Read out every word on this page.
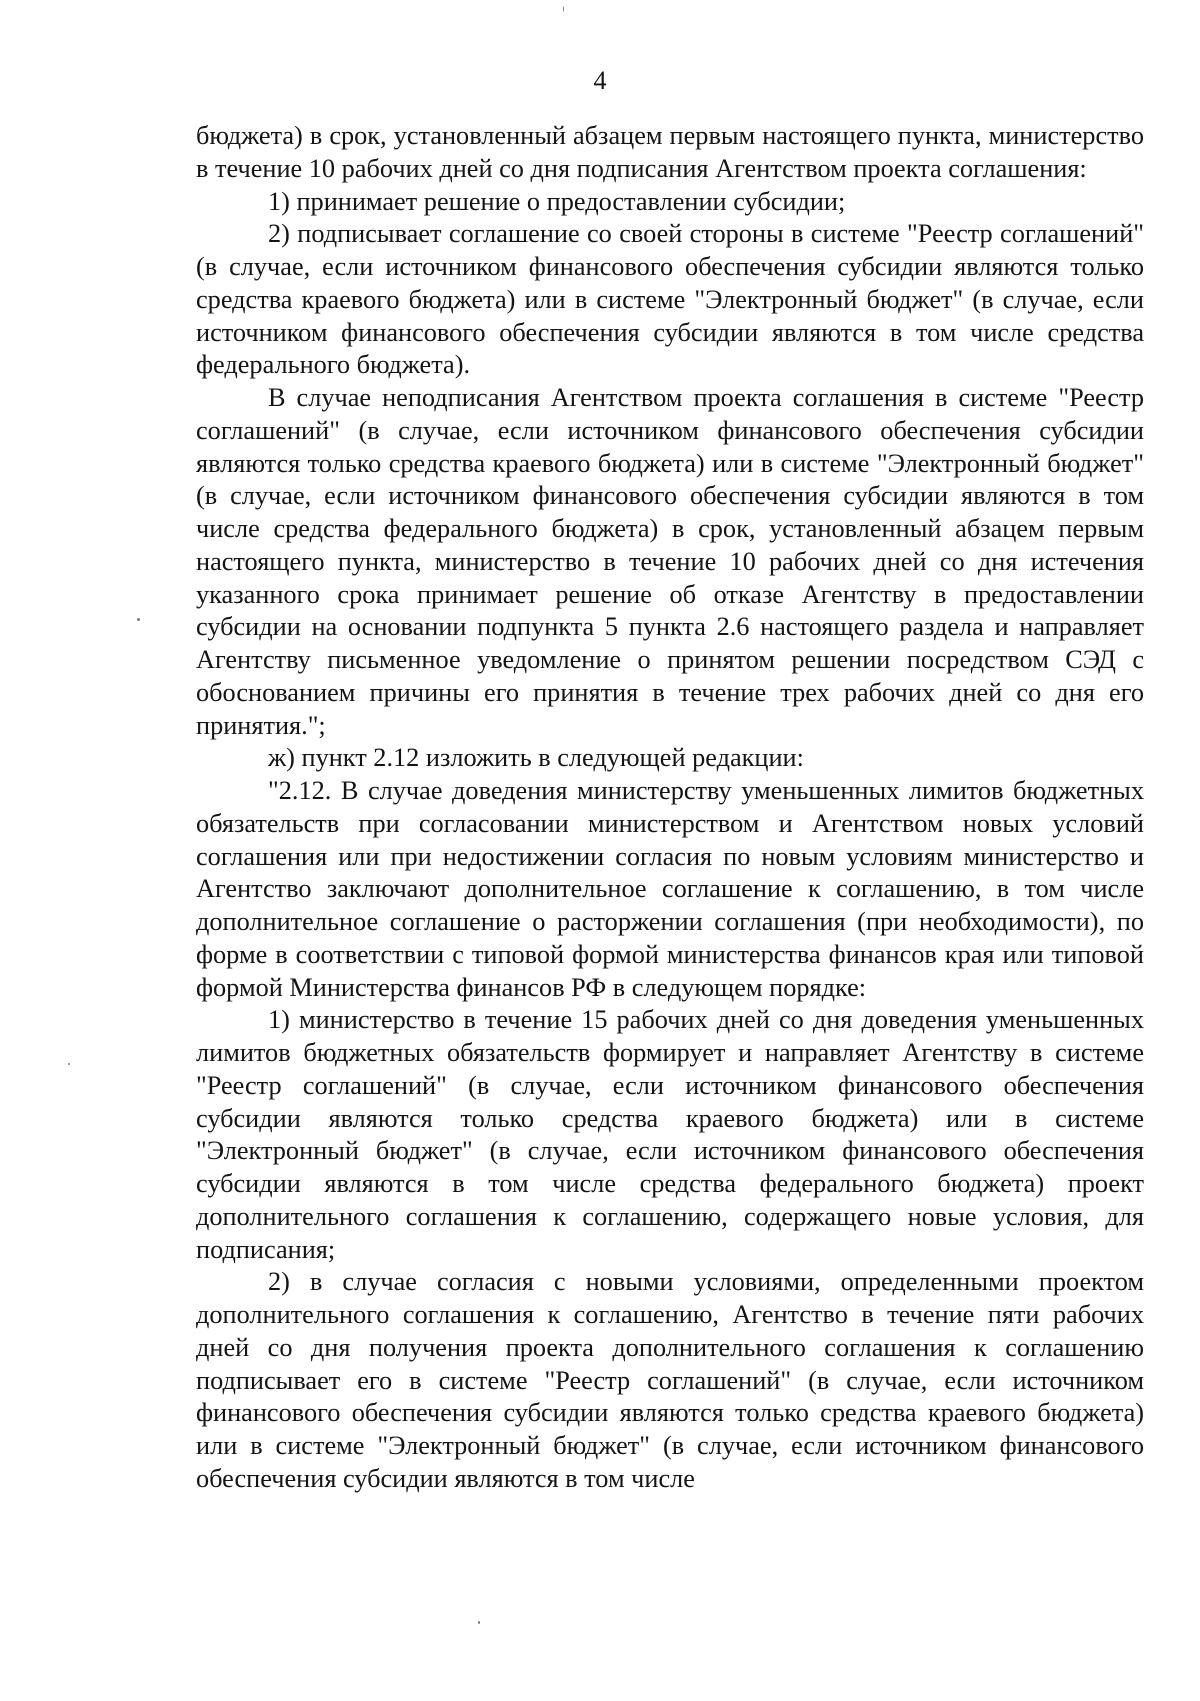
4

бюджета) в срок, установленный абзацем первым настоящего пункта, министерство в течение 10 рабочих дней со дня подписания Агентством проекта соглашения:

1) принимает решение о предоставлении субсидии;

2) подписывает соглашение со своей стороны в системе "Реестр соглашений" (в случае, если источником финансового обеспечения субсидии являются только средства краевого бюджета) или в системе "Электронный бюджет" (в случае, если источником финансового обеспечения субсидии являются в том числе средства федерального бюджета).

В случае неподписания Агентством проекта соглашения в системе "Реестр соглашений" (в случае, если источником финансового обеспечения субсидии являются только средства краевого бюджета) или в системе "Электронный бюджет" (в случае, если источником финансового обеспечения субсидии являются в том числе средства федерального бюджета) в срок, установленный абзацем первым настоящего пункта, министерство в течение 10 рабочих дней со дня истечения указанного срока принимает решение об отказе Агентству в предоставлении субсидии на основании подпункта 5 пункта 2.6 настоящего раздела и направляет Агентству письменное уведомление о принятом решении посредством СЭД с обоснованием причины его принятия в течение трех рабочих дней со дня его принятия.";

ж) пункт 2.12 изложить в следующей редакции:

"2.12. В случае доведения министерству уменьшенных лимитов бюджетных обязательств при согласовании министерством и Агентством новых условий соглашения или при недостижении согласия по новым условиям министерство и Агентство заключают дополнительное соглашение к соглашению, в том числе дополнительное соглашение о расторжении соглашения (при необходимости), по форме в соответствии с типовой формой министерства финансов края или типовой формой Министерства финансов РФ в следующем порядке:

1) министерство в течение 15 рабочих дней со дня доведения уменьшенных лимитов бюджетных обязательств формирует и направляет Агентству в системе "Реестр соглашений" (в случае, если источником финансового обеспечения субсидии являются только средства краевого бюджета) или в системе "Электронный бюджет" (в случае, если источником финансового обеспечения субсидии являются в том числе средства федерального бюджета) проект дополнительного соглашения к соглашению, содержащего новые условия, для подписания;

2) в случае согласия с новыми условиями, определенными проектом дополнительного соглашения к соглашению, Агентство в течение пяти рабочих дней со дня получения проекта дополнительного соглашения к соглашению подписывает его в системе "Реестр соглашений" (в случае, если источником финансового обеспечения субсидии являются только средства краевого бюджета) или в системе "Электронный бюджет" (в случае, если источником финансового обеспечения субсидии являются в том числе
